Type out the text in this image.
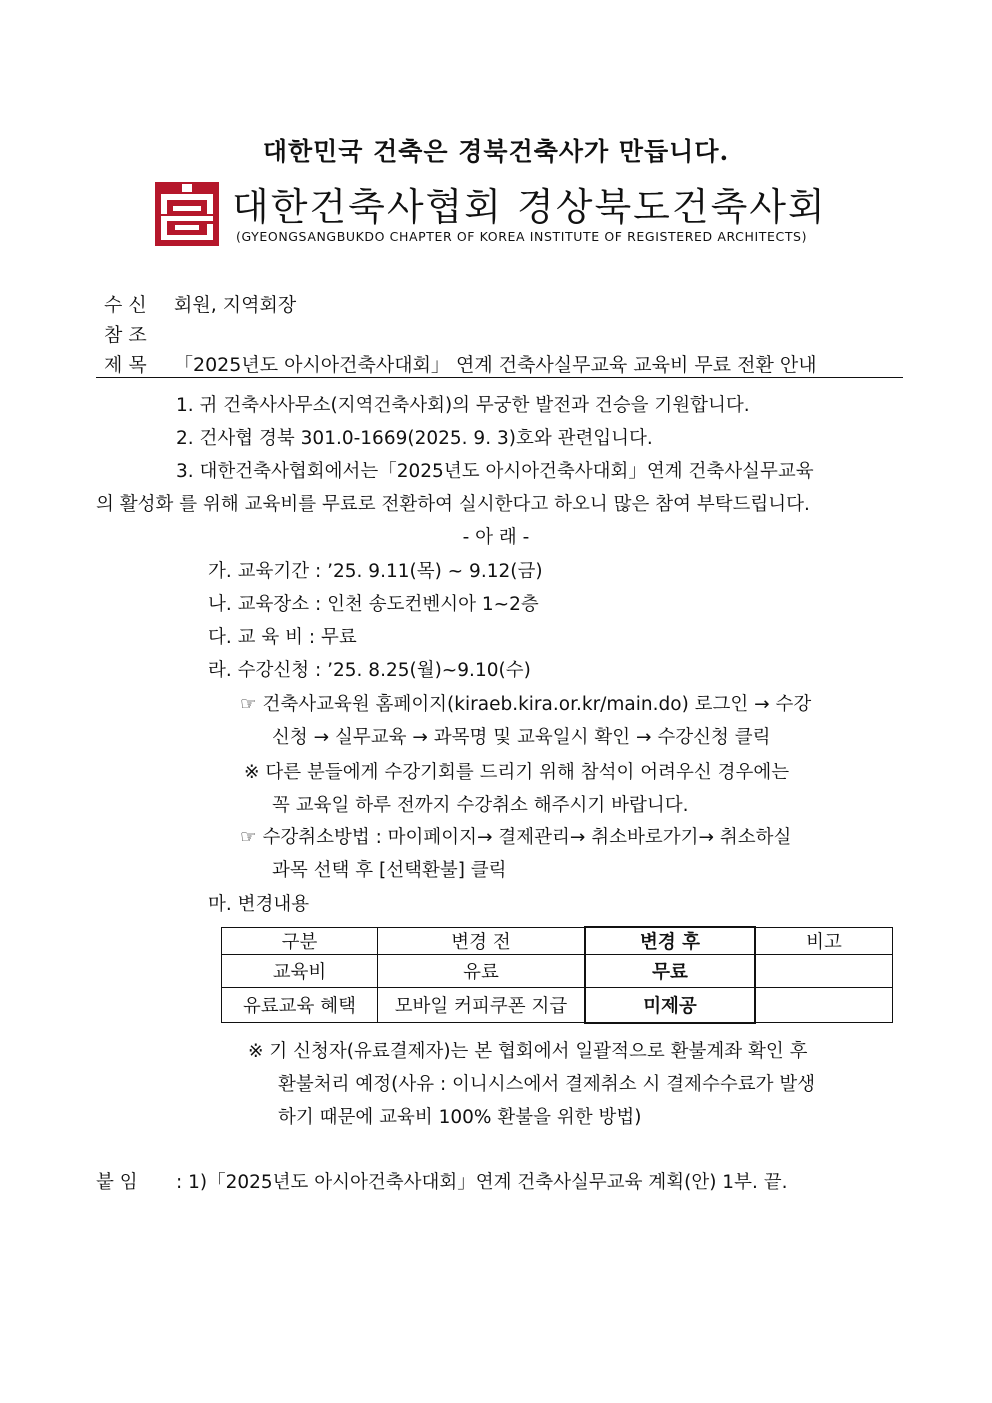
대한민국 건축은 경북건축사가 만듭니다.
대한건축사협회 경상북도건축사회
(GYEONGSANGBUKDO CHAPTER OF KOREA INSTITUTE OF REGISTERED ARCHITECTS)
수신 회원, 지역회장
참조
제목 「2025년도 아시아건축사대회」 연계 건축사실무교육 교육비 무료 전환 안내
1. 귀 건축사사무소(지역건축사회)의 무궁한 발전과 건승을 기원합니다.
2. 건사협 경북 301.0-1669(2025. 9. 3)호와 관련입니다.
3. 대한건축사협회에서는「2025년도 아시아건축사대회」연계 건축사실무교육
의 활성화 를 위해 교육비를 무료로 전환하여 실시한다고 하오니 많은 참여 부탁드립니다.
- 아 래 -
가. 교육기간 : ’25. 9.11(목) ~ 9.12(금)
나. 교육장소 : 인천 송도컨벤시아 1~2층
다. 교 육 비 : 무료
라. 수강신청 : ’25. 8.25(월)~9.10(수)
☞ 건축사교육원 홈페이지(kiraeb.kira.or.kr/main.do) 로그인 → 수강
신청 → 실무교육 → 과목명 및 교육일시 확인 → 수강신청 클릭
※ 다른 분들에게 수강기회를 드리기 위해 참석이 어려우신 경우에는
꼭 교육일 하루 전까지 수강취소 해주시기 바랍니다.
☞ 수강취소방법 : 마이페이지→ 결제관리→ 취소바로가기→ 취소하실
과목 선택 후 [선택환불] 클릭
마. 변경내용
구분	변경 전	변경 후	비고
교육비	유료	무료	
유료교육 혜택	모바일 커피쿠폰 지급	미제공	
※ 기 신청자(유료결제자)는 본 협회에서 일괄적으로 환불계좌 확인 후
환불처리 예정(사유 : 이니시스에서 결제취소 시 결제수수료가 발생
하기 때문에 교육비 100% 환불을 위한 방법)
붙 임 : 1)「2025년도 아시아건축사대회」연계 건축사실무교육 계획(안) 1부. 끝.
